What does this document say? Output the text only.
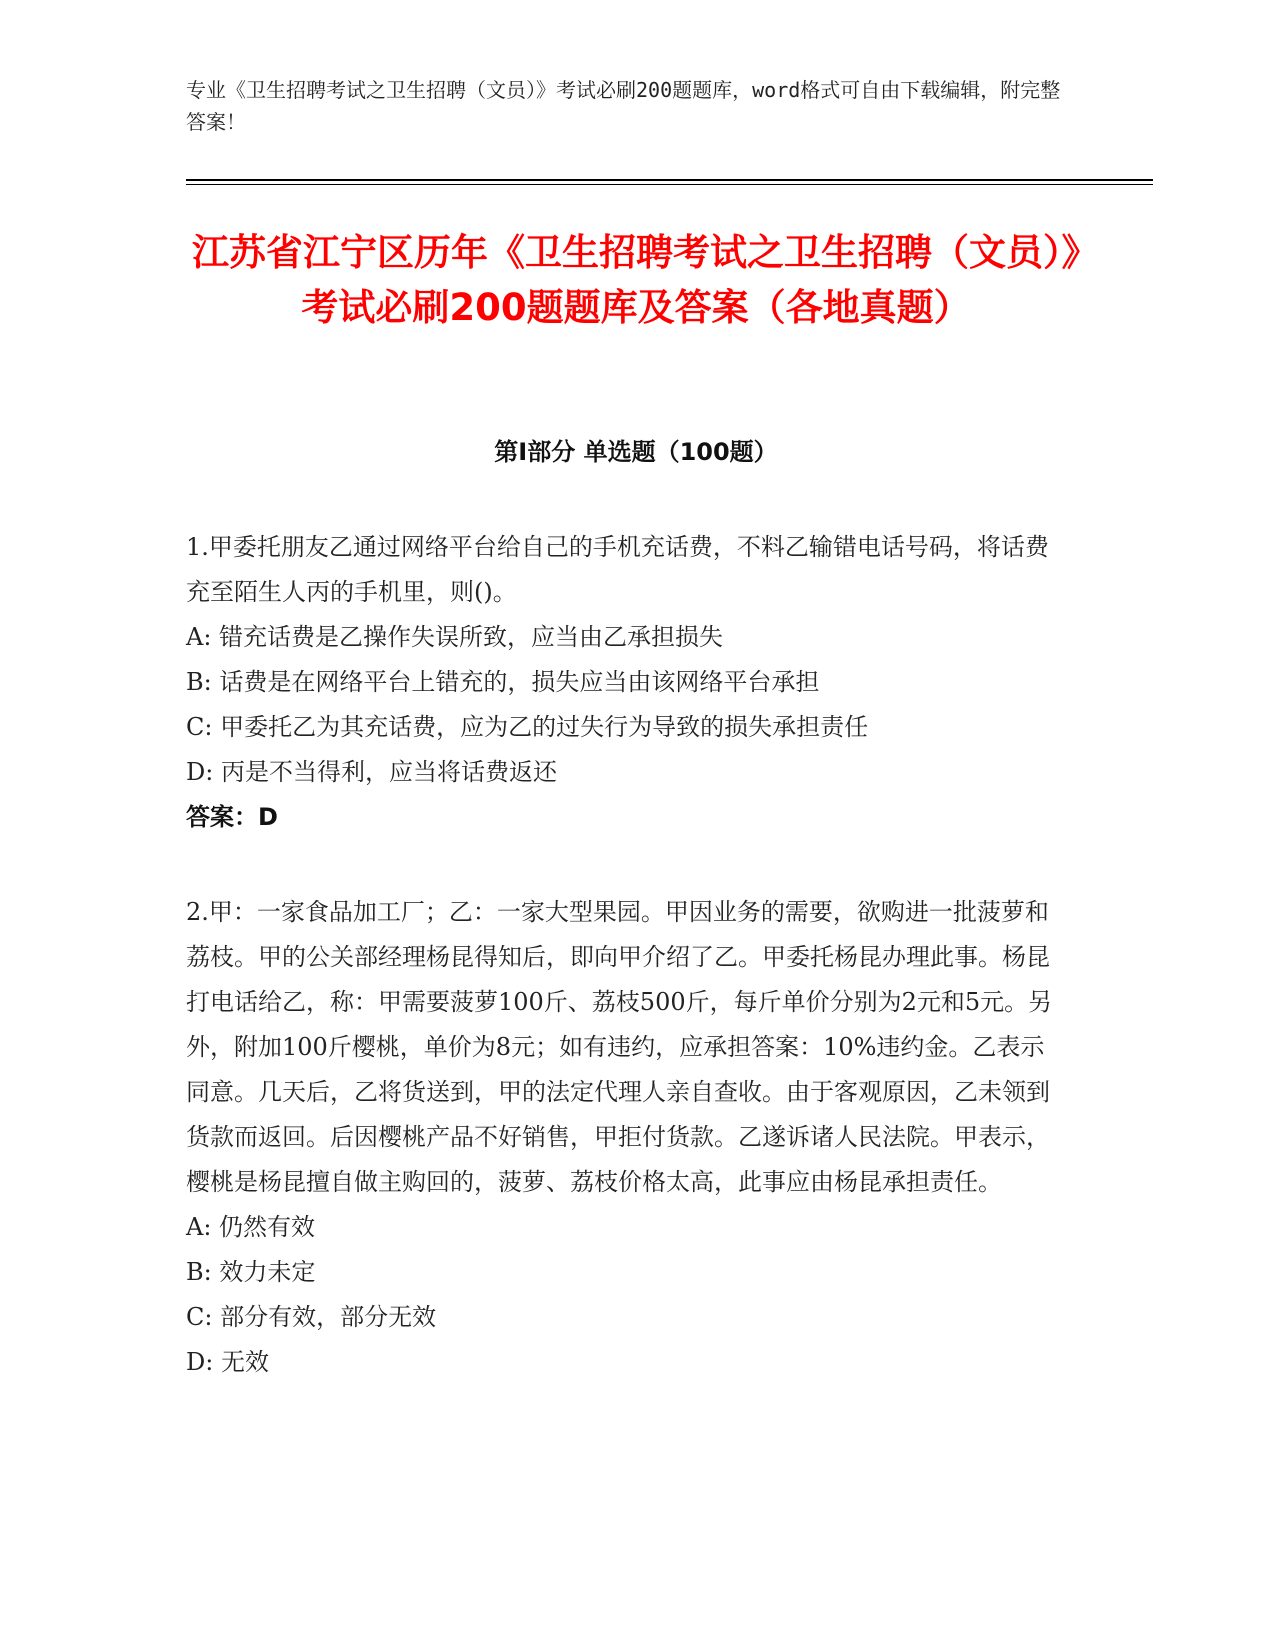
专业《卫生招聘考试之卫生招聘（文员）》考试必刷200题题库，word格式可自由下载编辑，附完整答案！
江苏省江宁区历年《卫生招聘考试之卫生招聘（文员）》考试必刷200题题库及答案（各地真题）
第Ⅰ部分 单选题（100题）
1.甲委托朋友乙通过网络平台给自己的手机充话费，不料乙输错电话号码，将话费充至陌生人丙的手机里，则()。
A: 错充话费是乙操作失误所致，应当由乙承担损失
B: 话费是在网络平台上错充的，损失应当由该网络平台承担
C: 甲委托乙为其充话费，应为乙的过失行为导致的损失承担责任
D: 丙是不当得利，应当将话费返还
答案：D
2.甲：一家食品加工厂；乙：一家大型果园。甲因业务的需要，欲购进一批菠萝和荔枝。甲的公关部经理杨昆得知后，即向甲介绍了乙。甲委托杨昆办理此事。杨昆打电话给乙，称：甲需要菠萝100斤、荔枝500斤，每斤单价分别为2元和5元。另外，附加100斤樱桃，单价为8元；如有违约，应承担答案：10%违约金。乙表示同意。几天后，乙将货送到，甲的法定代理人亲自查收。由于客观原因，乙未领到货款而返回。后因樱桃产品不好销售，甲拒付货款。乙遂诉诸人民法院。甲表示，樱桃是杨昆擅自做主购回的，菠萝、荔枝价格太高，此事应由杨昆承担责任。
A: 仍然有效
B: 效力未定
C: 部分有效，部分无效
D: 无效
